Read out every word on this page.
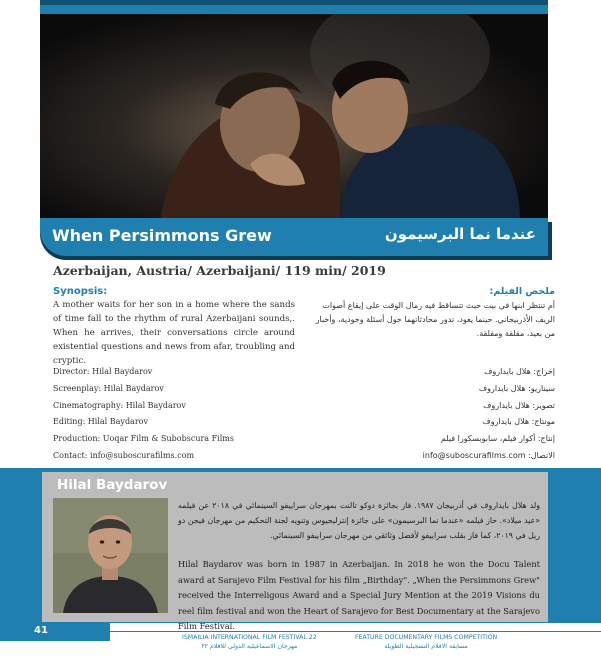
When Persimmons Grew	عندما نما البرسيمون
Azerbaijan, Austria/ Azerbaijani/ 119 min/ 2019
Synopsis:

A mother waits for her son in a home where the sands of time fall to the rhythm of rural Azerbaijani sounds,. When he arrives, their conversations circle around existential questions and news from afar, troubling and cryptic.

ملخص الفيلم:

أم تنتظر ابنها في بيت حيث تتساقط فيه رمال الوقت على إيقاع أصوات الريف الأذربيجاني. حينما يعود، تدور محادثاتهما حول أسئلة وجودية، وأخبار من بعيد، مقلقة ومقلقة.

Director: Hilal Baydarov
Screenplay: Hilal Baydarov
Cinematography: Hilal Baydarov
Editing: Hilal Baydarov
Production: Uoqar Film & Subobscura Films
Contact: info@suboscurafilms.com
إخراج: هلال بايداروف
سيناريو: هلال بايداروف
تصوير: هلال بايداروف
مونتاج: هلال بايداروف
إنتاج: أكوار فيلم، سابوبسكورا فيلم
الاتصال: info@suboscurafilms.com
Hilal Baydarov

ولد هلال بايداروف في أذربيجان ١٩٨٧. فاز بجائزة دوكو تالنت بمهرجان سراييفو السينمائي في ٢٠١٨ عن فيلمه «عيد ميلاد». حاز فيلمه «عندما نما البرسيمون» على جائزة إنترليجيوس وتنويه لجنة التحكيم من مهرجان فيجن دو ريل في ٢٠١٩، كما فاز بقلب سراييفو لأفضل وثائقي من مهرجان سراييفو السينمائي.

Hilal Baydarov was born in 1987 in Azerbaijan. In 2018 he won the Docu Talent award at Sarajevo Film Festival for his film „Birthday". „When the Persimmons Grew" received the Interreligous Award and a Special Jury Mention at the 2019 Visions du reel film festival and won the Heart of Sarajevo for Best Documentary at the Sarajevo Film Festival.

41
ISMAILIA INTERNATIONAL FILM FESTIVAL 22
مهرجان الاسماعيلية الدولي للافلام ٢٢
FEATURE DOCUMENTARY FILMS COMPETITION
مسابقة الافلام التسجيلية الطويلة
